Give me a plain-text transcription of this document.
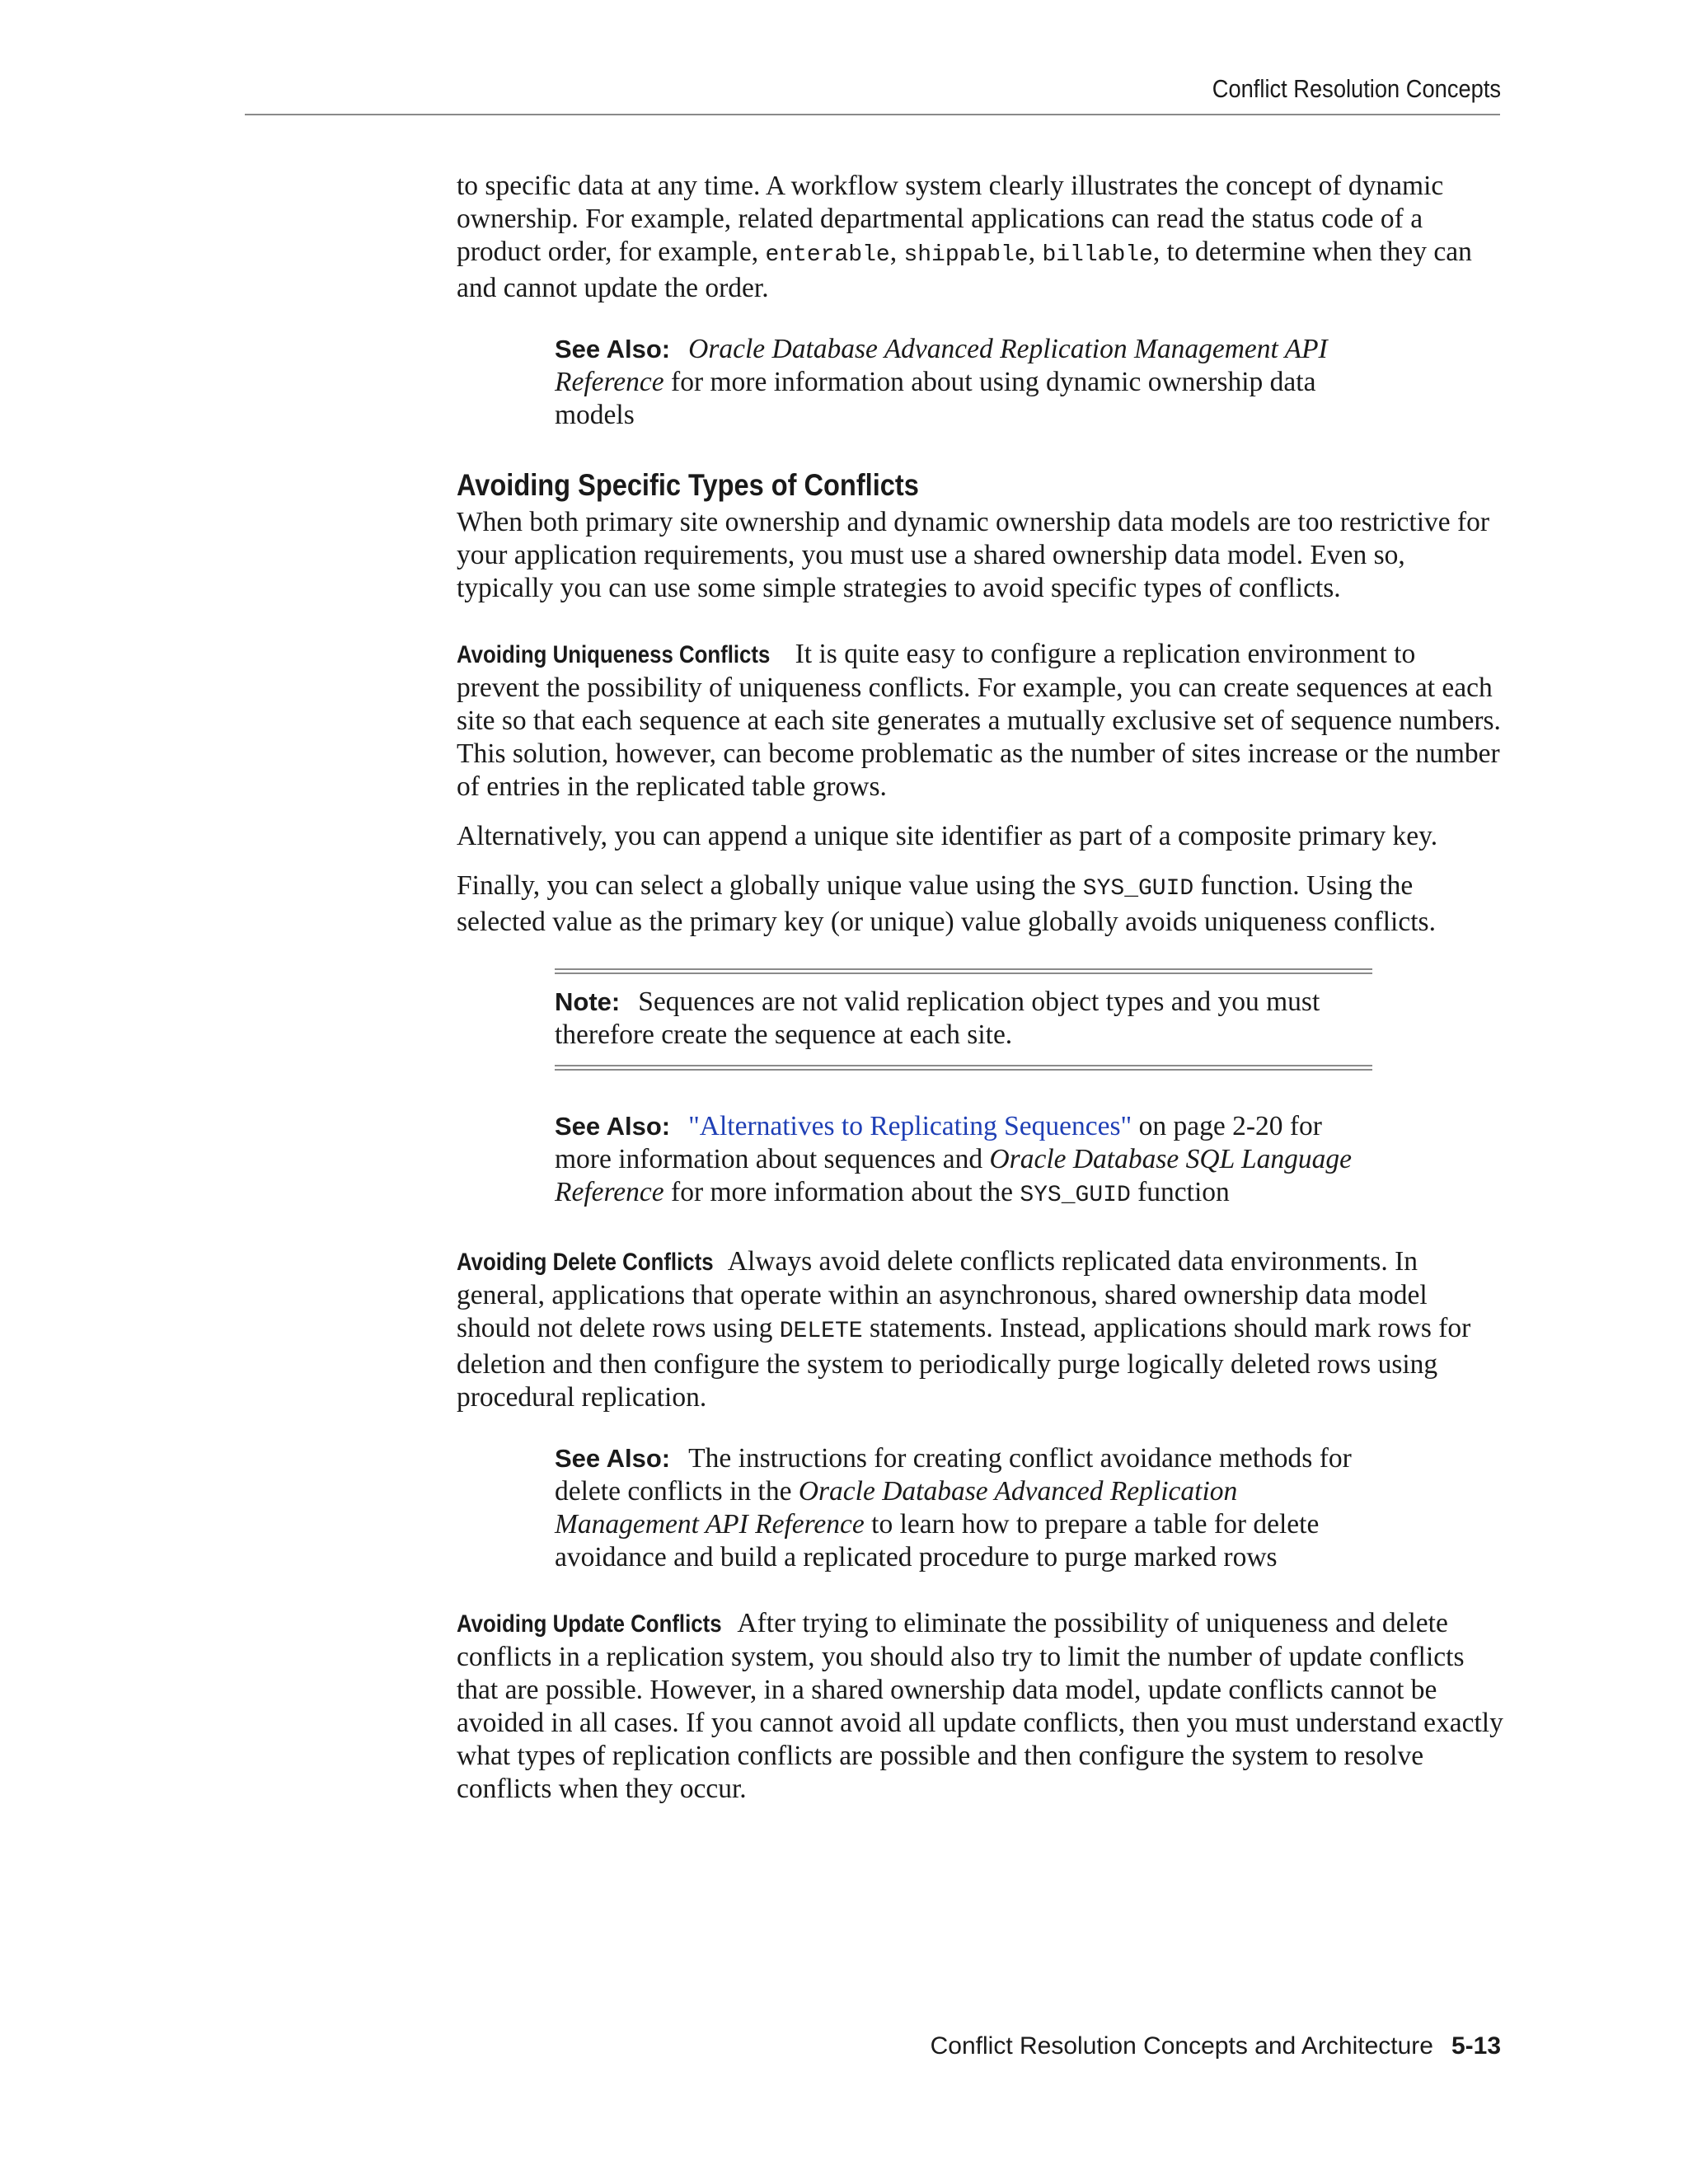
Conflict Resolution Concepts

to specific data at any time. A workflow system clearly illustrates the concept of dynamic ownership. For example, related departmental applications can read the status code of a product order, for example, enterable, shippable, billable, to determine when they can and cannot update the order.

See Also: Oracle Database Advanced Replication Management API Reference for more information about using dynamic ownership data models

Avoiding Specific Types of Conflicts

When both primary site ownership and dynamic ownership data models are too restrictive for your application requirements, you must use a shared ownership data model. Even so, typically you can use some simple strategies to avoid specific types of conflicts.

Avoiding Uniqueness Conflicts It is quite easy to configure a replication environment to prevent the possibility of uniqueness conflicts. For example, you can create sequences at each site so that each sequence at each site generates a mutually exclusive set of sequence numbers. This solution, however, can become problematic as the number of sites increase or the number of entries in the replicated table grows.

Alternatively, you can append a unique site identifier as part of a composite primary key.

Finally, you can select a globally unique value using the SYS_GUID function. Using the selected value as the primary key (or unique) value globally avoids uniqueness conflicts.

Note: Sequences are not valid replication object types and you must therefore create the sequence at each site.

See Also: "Alternatives to Replicating Sequences" on page 2-20 for more information about sequences and Oracle Database SQL Language Reference for more information about the SYS_GUID function

Avoiding Delete Conflicts Always avoid delete conflicts replicated data environments. In general, applications that operate within an asynchronous, shared ownership data model should not delete rows using DELETE statements. Instead, applications should mark rows for deletion and then configure the system to periodically purge logically deleted rows using procedural replication.

See Also: The instructions for creating conflict avoidance methods for delete conflicts in the Oracle Database Advanced Replication Management API Reference to learn how to prepare a table for delete avoidance and build a replicated procedure to purge marked rows

Avoiding Update Conflicts After trying to eliminate the possibility of uniqueness and delete conflicts in a replication system, you should also try to limit the number of update conflicts that are possible. However, in a shared ownership data model, update conflicts cannot be avoided in all cases. If you cannot avoid all update conflicts, then you must understand exactly what types of replication conflicts are possible and then configure the system to resolve conflicts when they occur.

Conflict Resolution Concepts and Architecture 5-13
